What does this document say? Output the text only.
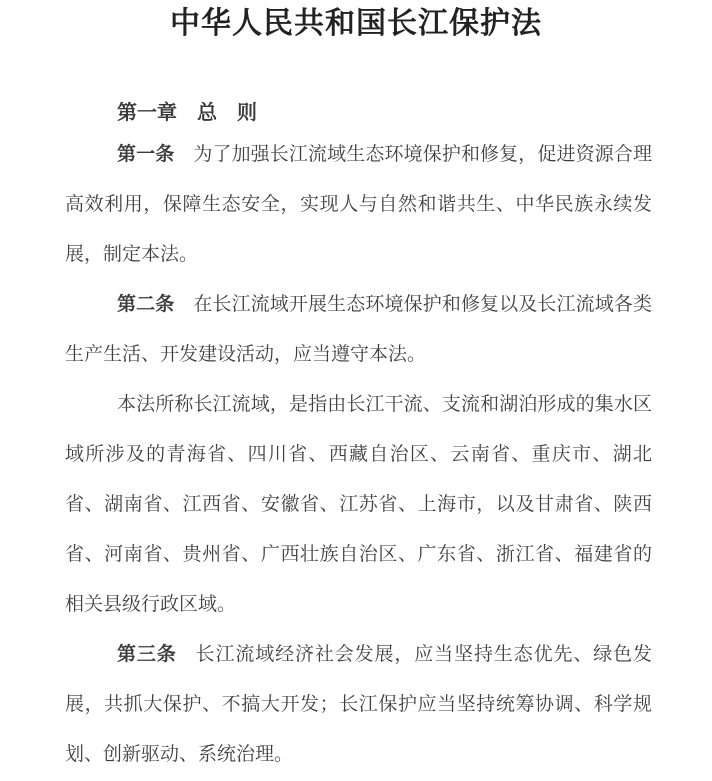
中华人民共和国长江保护法
第一章　总　则

第一条 为了加强长江流域生态环境保护和修复，促进资源合理高效利用，保障生态安全，实现人与自然和谐共生、中华民族永续发展，制定本法。

第二条 在长江流域开展生态环境保护和修复以及长江流域各类生产生活、开发建设活动，应当遵守本法。

本法所称长江流域，是指由长江干流、支流和湖泊形成的集水区域所涉及的青海省、四川省、西藏自治区、云南省、重庆市、湖北省、湖南省、江西省、安徽省、江苏省、上海市，以及甘肃省、陕西省、河南省、贵州省、广西壮族自治区、广东省、浙江省、福建省的相关县级行政区域。

第三条 长江流域经济社会发展，应当坚持生态优先、绿色发展，共抓大保护、不搞大开发；长江保护应当坚持统筹协调、科学规划、创新驱动、系统治理。
